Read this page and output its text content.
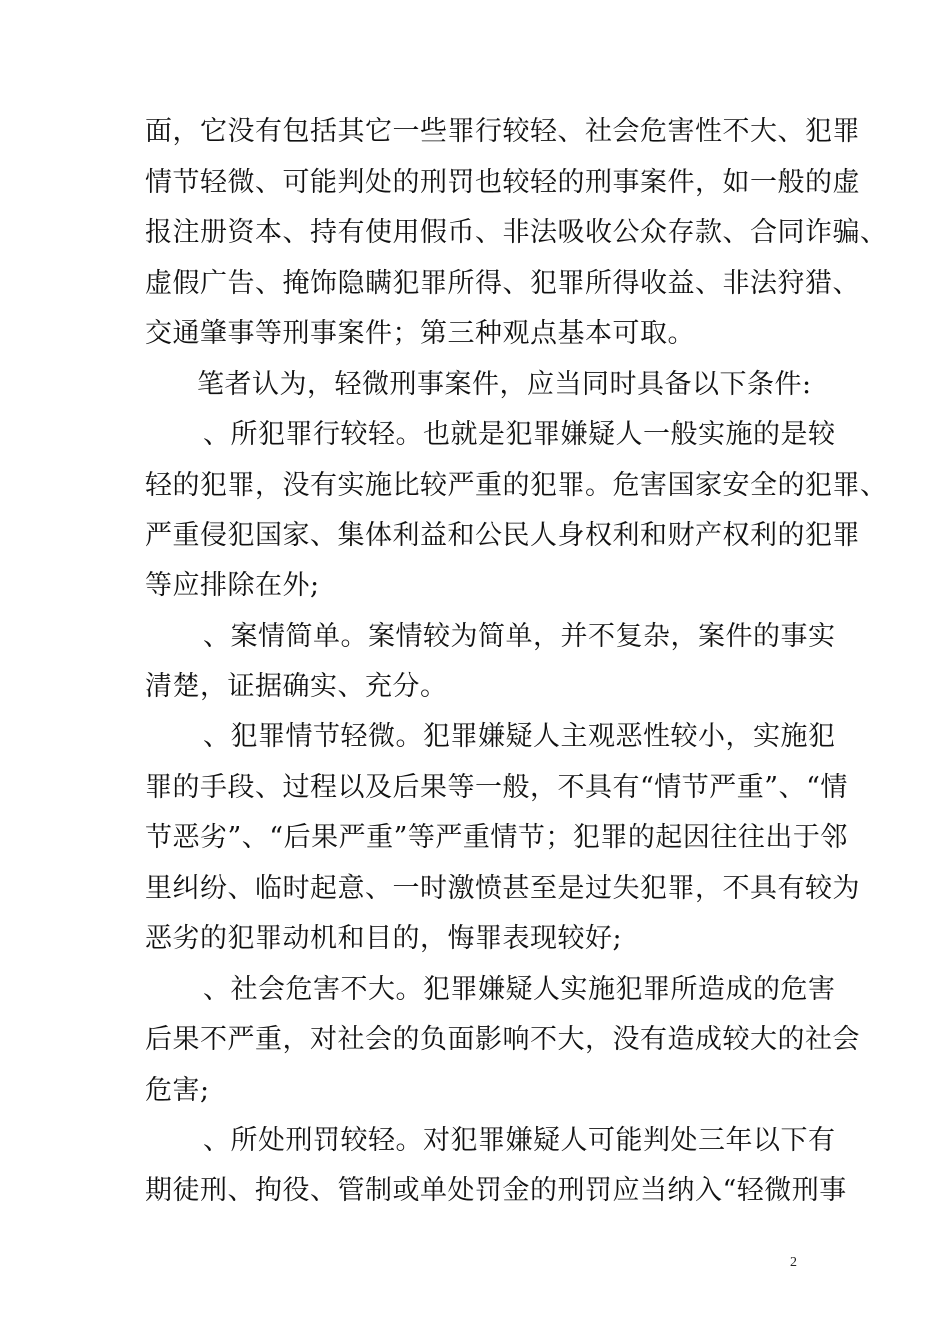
面，它没有包括其它一些罪行较轻、社会危害性不大、犯罪
情节轻微、可能判处的刑罚也较轻的刑事案件，如一般的虚
报注册资本、持有使用假币、非法吸收公众存款、合同诈骗、
虚假广告、掩饰隐瞒犯罪所得、犯罪所得收益、非法狩猎、
交通肇事等刑事案件；第三种观点基本可取。
笔者认为，轻微刑事案件，应当同时具备以下条件:
、所犯罪行较轻。也就是犯罪嫌疑人一般实施的是较
轻的犯罪，没有实施比较严重的犯罪。危害国家安全的犯罪、
严重侵犯国家、集体利益和公民人身权利和财产权利的犯罪
等应排除在外;
、案情简单。案情较为简单，并不复杂，案件的事实
清楚，证据确实、充分。
、犯罪情节轻微。犯罪嫌疑人主观恶性较小，实施犯
罪的手段、过程以及后果等一般，不具有“情节严重”、“情
节恶劣”、“后果严重”等严重情节；犯罪的起因往往出于邻
里纠纷、临时起意、一时激愤甚至是过失犯罪，不具有较为
恶劣的犯罪动机和目的，悔罪表现较好;
、社会危害不大。犯罪嫌疑人实施犯罪所造成的危害
后果不严重，对社会的负面影响不大，没有造成较大的社会
危害;
、所处刑罚较轻。对犯罪嫌疑人可能判处三年以下有
期徒刑、拘役、管制或单处罚金的刑罚应当纳入“轻微刑事
2
